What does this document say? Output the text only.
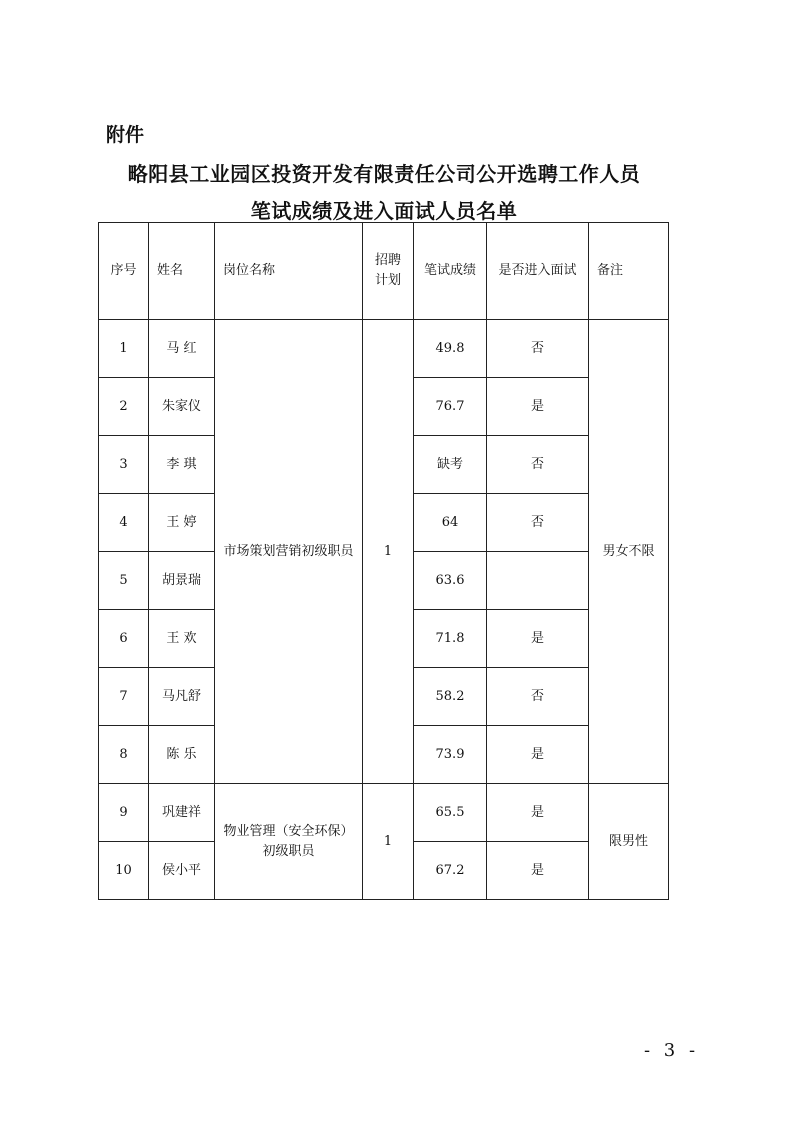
附件
略阳县工业园区投资开发有限责任公司公开选聘工作人员
笔试成绩及进入面试人员名单
序号	姓名	岗位名称	招聘
计划	笔试成绩	是否进入面试	备注
1	马 红	市场策划营销初级职员	1	49.8	否	男女不限
2	朱家仪			76.7	是	
3	李 琪			缺考	否	
4	王 婷			64	否	
5	胡景瑞			63.6		
6	王 欢			71.8	是	
7	马凡舒			58.2	否	
8	陈 乐			73.9	是	
9	巩建祥	物业管理（安全环保）
初级职员	1	65.5	是	限男性
10	侯小平			67.2	是	
- 3 -
